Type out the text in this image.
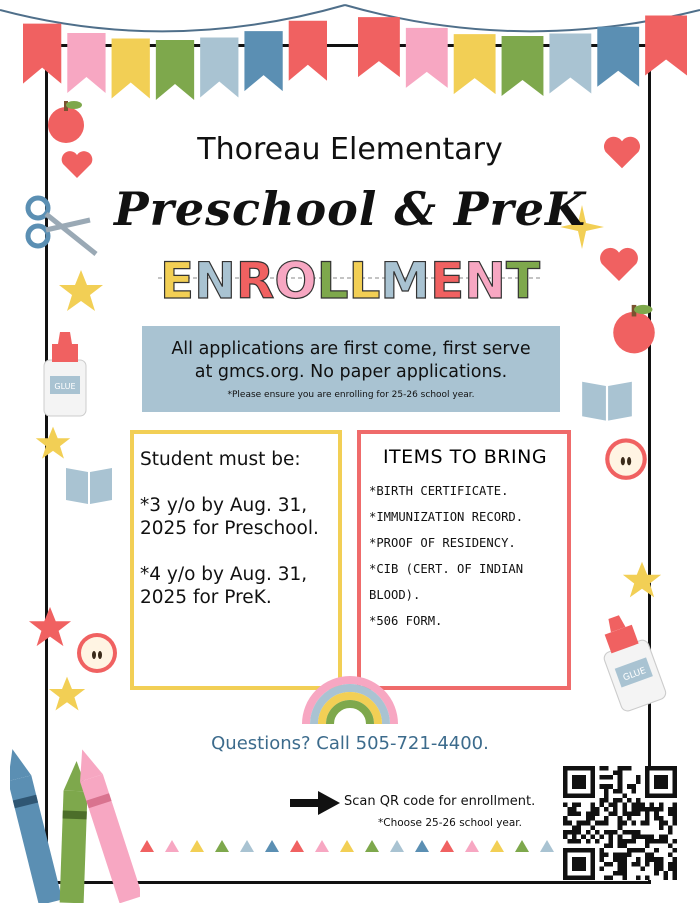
GLUE
GLUE
Thoreau Elementary
Preschool & PreK
ENROLLMENT
All applications are first come, first serve
at gmcs.org. No paper applications.
*Please ensure you are enrolling for 25-26 school year.
Student must be:
*3 y/o by Aug. 31,
2025 for Preschool.
*4 y/o by Aug. 31,
2025 for PreK.
ITEMS TO BRING
*BIRTH CERTIFICATE.
*IMMUNIZATION RECORD.
*PROOF OF RESIDENCY.
*CIB (CERT. OF INDIAN
BLOOD).
*506 FORM.
Questions? Call 505-721-4400.
Scan QR code for enrollment.
*Choose 25-26 school year.
